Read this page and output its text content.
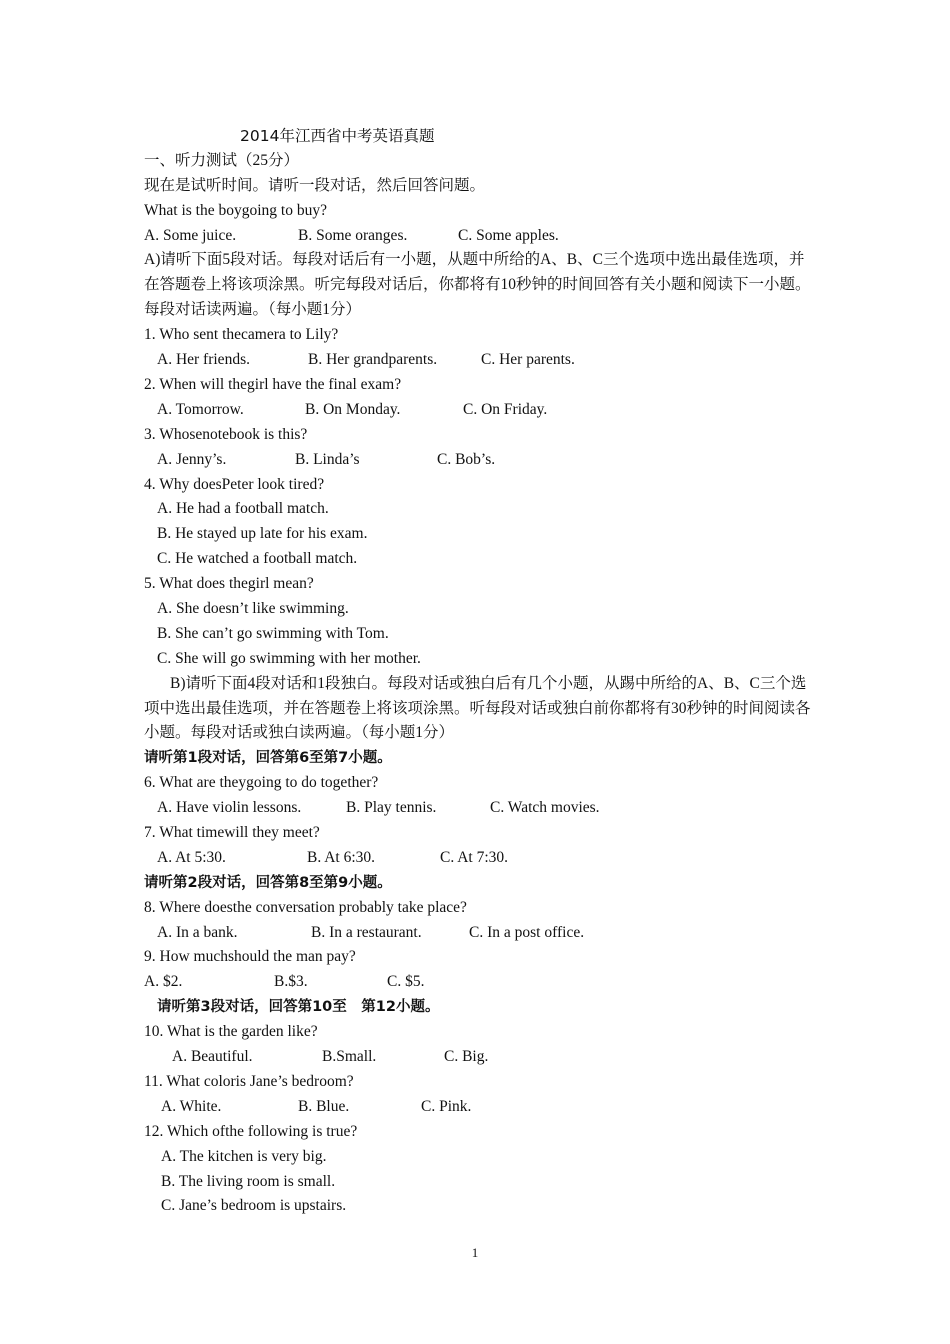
2014年江西省中考英语真题
一、听力测试（25分）
现在是试听时间。请听一段对话，然后回答问题。
What is the boygoing to buy?
A. Some juice.	B. Some oranges.	C. Some apples.
A)请听下面5段对话。每段对话后有一小题，从题中所给的A、B、C三个选项中选出最佳选项，并在答题卷上将该项涂黑。听完每段对话后，你都将有10秒钟的时间回答有关小题和阅读下一小题。每段对话读两遍。（每小题1分）
1. Who sent thecamera to Lily?
A. Her friends.	B. Her grandparents.	C. Her parents.
2. When will thegirl have the final exam?
A. Tomorrow.	B. On Monday.	C. On Friday.
3. Whosenotebook is this?
A. Jenny’s.	B. Linda’s	C. Bob’s.
4. Why doesPeter look tired?
A. He had a football match.
B. He stayed up late for his exam.
C. He watched a football match.
5. What does thegirl mean?
A. She doesn’t like swimming.
B. She can’t go swimming with Tom.
C. She will go swimming with her mother.
B)请听下面4段对话和1段独白。每段对话或独白后有几个小题，从踢中所给的A、B、C三个选项中选出最佳选项，并在答题卷上将该项涂黑。听每段对话或独白前你都将有30秒钟的时间阅读各小题。每段对话或独白读两遍。（每小题1分）
请听第1段对话，回答第6至第7小题。
6. What are theygoing to do together?
A. Have violin lessons.	B. Play tennis.	C. Watch movies.
7. What timewill they meet?
A. At 5:30.	B. At 6:30.	C. At 7:30.
请听第2段对话，回答第8至第9小题。
8. Where doesthe conversation probably take place?
A. In a bank.	B. In a restaurant.	C. In a post office.
9. How muchshould the man pay?
A. $2.	B.$3.	C. $5.
请听第3段对话，回答第10至　第12小题。
10. What is the garden like?
A. Beautiful.	B.Small.	C. Big.
11. What coloris Jane’s bedroom?
A. White.	B. Blue.	C. Pink.
12. Which ofthe following is true?
A. The kitchen is very big.
B. The living room is small.
C. Jane’s bedroom is upstairs.
1
